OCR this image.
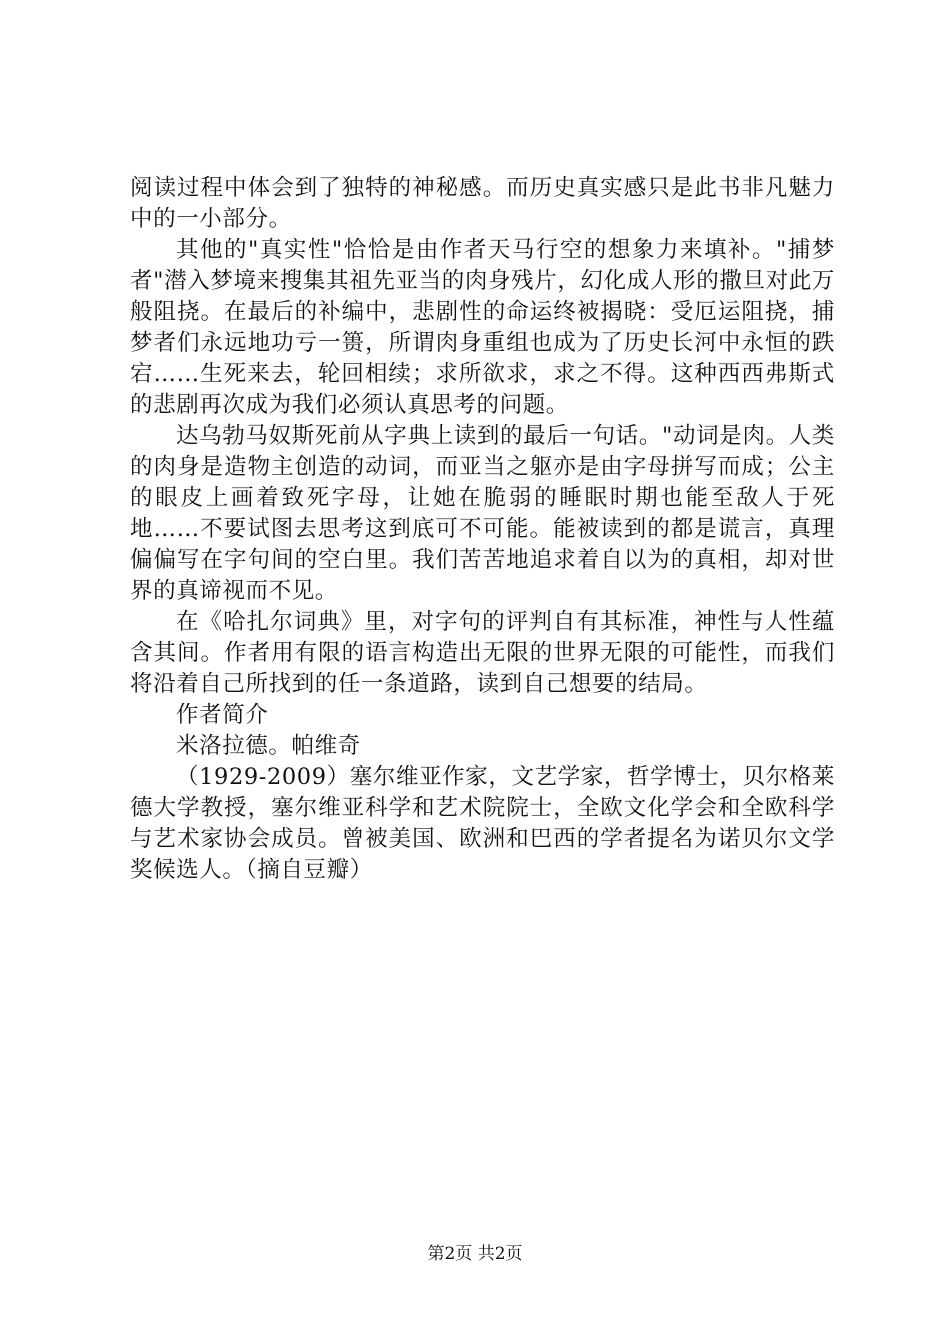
阅读过程中体会到了独特的神秘感。而历史真实感只是此书非凡魅力中的一小部分。

其他的"真实性"恰恰是由作者天马行空的想象力来填补。"捕梦者"潜入梦境来搜集其祖先亚当的肉身残片，幻化成人形的撒旦对此万般阻挠。在最后的补编中，悲剧性的命运终被揭晓：受厄运阻挠，捕梦者们永远地功亏一篑，所谓肉身重组也成为了历史长河中永恒的跌宕……生死来去，轮回相续；求所欲求，求之不得。这种西西弗斯式的悲剧再次成为我们必须认真思考的问题。

达乌勃马奴斯死前从字典上读到的最后一句话。"动词是肉。人类的肉身是造物主创造的动词，而亚当之躯亦是由字母拼写而成；公主的眼皮上画着致死字母，让她在脆弱的睡眠时期也能至敌人于死地……不要试图去思考这到底可不可能。能被读到的都是谎言，真理偏偏写在字句间的空白里。我们苦苦地追求着自以为的真相，却对世界的真谛视而不见。

在《哈扎尔词典》里，对字句的评判自有其标准，神性与人性蕴含其间。作者用有限的语言构造出无限的世界无限的可能性，而我们将沿着自己所找到的任一条道路，读到自己想要的结局。

作者简介

米洛拉德。帕维奇

（1929-2009）塞尔维亚作家，文艺学家，哲学博士，贝尔格莱德大学教授，塞尔维亚科学和艺术院院士，全欧文化学会和全欧科学与艺术家协会成员。曾被美国、欧洲和巴西的学者提名为诺贝尔文学奖候选人。（摘自豆瓣）

第2页 共2页
